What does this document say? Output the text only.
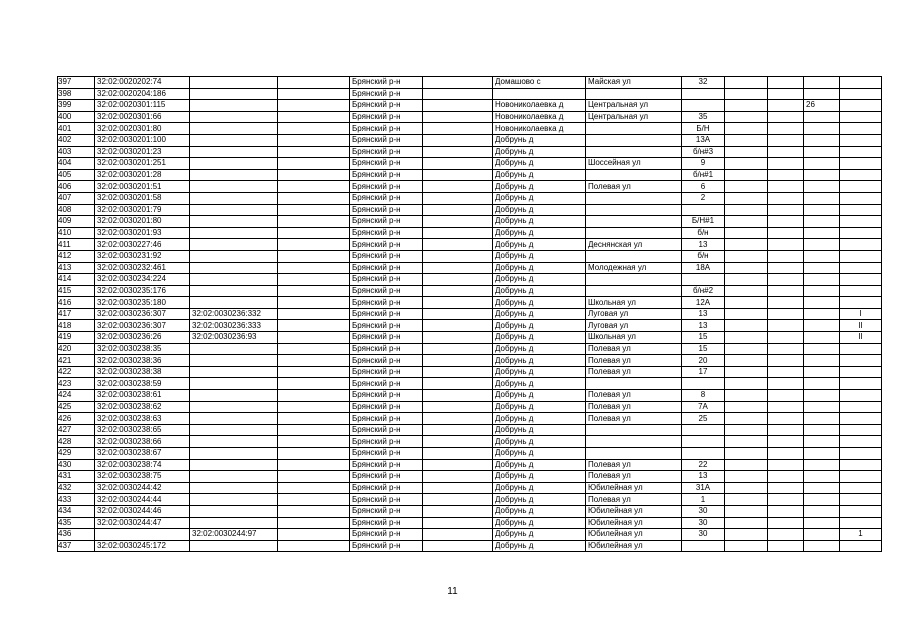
397	32:02:0020202:74			Брянский р-н		Домашово с	Майская ул	32				
398	32:02:0020204:186			Брянский р-н								
399	32:02:0020301:115			Брянский р-н		Новониколаевка д	Центральная ул				26	
400	32:02:0020301:66			Брянский р-н		Новониколаевка д	Центральная ул	35				
401	32:02:0020301:80			Брянский р-н		Новониколаевка д		Б/Н				
402	32:02:0030201:100			Брянский р-н		Добрунь д		13А				
403	32:02:0030201:23			Брянский р-н		Добрунь д		б/н#3				
404	32:02:0030201:251			Брянский р-н		Добрунь д	Шоссейная ул	9				
405	32:02:0030201:28			Брянский р-н		Добрунь д		б/н#1				
406	32:02:0030201:51			Брянский р-н		Добрунь д	Полевая ул	6				
407	32:02:0030201:58			Брянский р-н		Добрунь д		2				
408	32:02:0030201:79			Брянский р-н		Добрунь д						
409	32:02:0030201:80			Брянский р-н		Добрунь д		Б/Н#1				
410	32:02:0030201:93			Брянский р-н		Добрунь д		б/н				
411	32:02:0030227:46			Брянский р-н		Добрунь д	Деснянская ул	13				
412	32:02:0030231:92			Брянский р-н		Добрунь д		б/н				
413	32:02:0030232:461			Брянский р-н		Добрунь д	Молодежная ул	18А				
414	32:02:0030234:224			Брянский р-н		Добрунь д						
415	32:02:0030235:176			Брянский р-н		Добрунь д		б/н#2				
416	32:02:0030235:180			Брянский р-н		Добрунь д	Школьная ул	12А				
417	32:02:0030236:307	32:02:0030236:332		Брянский р-н		Добрунь д	Луговая ул	13				I
418	32:02:0030236:307	32:02:0030236:333		Брянский р-н		Добрунь д	Луговая ул	13				II
419	32:02:0030236:26	32:02:0030236:93		Брянский р-н		Добрунь д	Школьная ул	15				II
420	32:02:0030238:35			Брянский р-н		Добрунь д	Полевая ул	15				
421	32:02:0030238:36			Брянский р-н		Добрунь д	Полевая ул	20				
422	32:02:0030238:38			Брянский р-н		Добрунь д	Полевая ул	17				
423	32:02:0030238:59			Брянский р-н		Добрунь д						
424	32:02:0030238:61			Брянский р-н		Добрунь д	Полевая ул	8				
425	32:02:0030238:62			Брянский р-н		Добрунь д	Полевая ул	7А				
426	32:02:0030238:63			Брянский р-н		Добрунь д	Полевая ул	25				
427	32:02:0030238:65			Брянский р-н		Добрунь д						
428	32:02:0030238:66			Брянский р-н		Добрунь д						
429	32:02:0030238:67			Брянский р-н		Добрунь д						
430	32:02:0030238:74			Брянский р-н		Добрунь д	Полевая ул	22				
431	32:02:0030238:75			Брянский р-н		Добрунь д	Полевая ул	13				
432	32:02:0030244:42			Брянский р-н		Добрунь д	Юбилейная ул	31А				
433	32:02:0030244:44			Брянский р-н		Добрунь д	Полевая ул	1				
434	32:02:0030244:46			Брянский р-н		Добрунь д	Юбилейная ул	30				
435	32:02:0030244:47			Брянский р-н		Добрунь д	Юбилейная ул	30				
436		32:02:0030244:97		Брянский р-н		Добрунь д	Юбилейная ул	30				1
437	32:02:0030245:172			Брянский р-н		Добрунь д	Юбилейная ул					
11
